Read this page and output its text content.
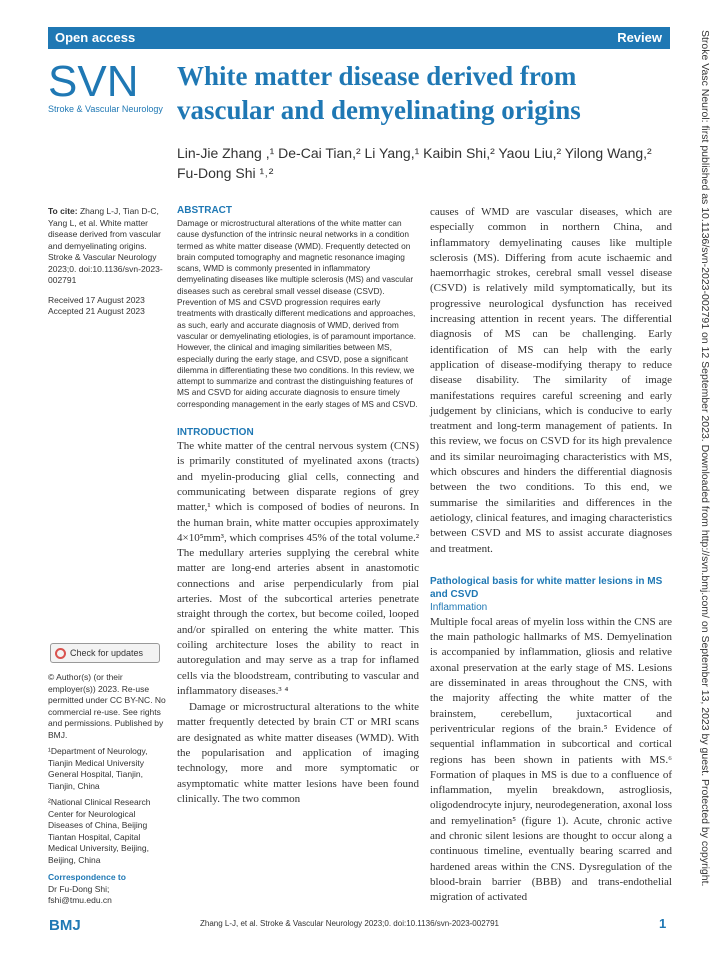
Open access	Review
SVN
Stroke & Vascular Neurology
White matter disease derived from vascular and demyelinating origins
Lin-Jie Zhang ,¹ De-Cai Tian,² Li Yang,¹ Kaibin Shi,² Yaou Liu,² Yilong Wang,²
Fu-Dong Shi ¹˒²

To cite: Zhang L-J, Tian D-C, Yang L, et al. White matter disease derived from vascular and demyelinating origins. Stroke & Vascular Neurology 2023;0. doi:10.1136/svn-2023-002791

Received 17 August 2023

Accepted 21 August 2023

Check for updates

© Author(s) (or their employer(s)) 2023. Re-use permitted under CC BY-NC. No commercial re-use. See rights and permissions. Published by BMJ.

¹Department of Neurology, Tianjin Medical University General Hospital, Tianjin, Tianjin, China

²National Clinical Research Center for Neurological Diseases of China, Beijing Tiantan Hospital, Capital Medical University, Beijing, Beijing, China

Correspondence to

Dr Fu-Dong Shi;

fshi@tmu.edu.cn

ABSTRACT

Damage or microstructural alterations of the white matter can cause dysfunction of the intrinsic neural networks in a condition termed as white matter disease (WMD). Frequently detected on brain computed tomography and magnetic resonance imaging scans, WMD is commonly presented in inflammatory demyelinating diseases like multiple sclerosis (MS) and vascular diseases such as cerebral small vessel disease (CSVD). Prevention of MS and CSVD progression requires early treatments with drastically different medications and approaches, as such, early and accurate diagnosis of WMD, derived from vascular or demyelinating etiologies, is of paramount importance. However, the clinical and imaging similarities between MS, especially during the early stage, and CSVD, pose a significant dilemma in differentiating these two conditions. In this review, we attempt to summarize and contrast the distinguishing features of MS and CSVD for aiding accurate diagnosis to ensure timely corresponding management in the early stages of MS and CSVD.

INTRODUCTION

The white matter of the central nervous system (CNS) is primarily constituted of myelinated axons (tracts) and myelin-producing glial cells, connecting and communicating between disparate regions of grey matter,¹ which is composed of bodies of neurons. In the human brain, white matter occupies approximately 4×10⁵mm³, which comprises 45% of the total volume.² The medullary arteries supplying the cerebral white matter are long-end arteries absent in anastomotic connections and arise perpendicularly from pial arteries. Most of the subcortical arteries penetrate straight through the cortex, but become coiled, looped and/or spiralled on entering the white matter. This coiling architecture loses the ability to react in autoregulation and may serve as a trap for inflamed cells via the bloodstream, contributing to vascular and inflammatory diseases.³ ⁴

Damage or microstructural alterations to the white matter frequently detected by brain CT or MRI scans are designated as white matter diseases (WMD). With the popularisation and application of imaging technology, more and more symptomatic or asymptomatic white matter lesions have been found clinically. The two common

causes of WMD are vascular diseases, which are especially common in northern China, and inflammatory demyelinating causes like multiple sclerosis (MS). Differing from acute ischaemic and haemorrhagic strokes, cerebral small vessel disease (CSVD) is relatively mild symptomatically, but its progressive neurological dysfunction has received increasing attention in recent years. The differential diagnosis of MS can be challenging. Early identification of MS can help with the early application of disease-modifying therapy to reduce disease disability. The similarity of image manifestations requires careful screening and early judgement by clinicians, which is conducive to early treatment and long-term management of patients. In this review, we focus on CSVD for its high prevalence and its similar neuroimaging characteristics with MS, which obscures and hinders the differential diagnosis between the two conditions. To this end, we summarise the similarities and differences in the aetiology, clinical features, and imaging characteristics between CSVD and MS to assist accurate diagnoses and treatment.

Pathological basis for white matter lesions in MS and CSVD
Inflammation

Multiple focal areas of myelin loss within the CNS are the main pathologic hallmarks of MS. Demyelination is accompanied by inflammation, gliosis and relative axonal preservation at the early stage of MS. Lesions are disseminated in areas throughout the CNS, with the majority affecting the white matter of the brainstem, cerebellum, juxtacortical and periventricular regions of the brain.⁵ Evidence of sequential inflammation in subcortical and cortical regions has been shown in patients with MS.⁶ Formation of plaques in MS is due to a confluence of inflammation, myelin breakdown, astrogliosis, oligodendrocyte injury, neurodegeneration, axonal loss and remyelination⁵ (figure 1). Acute, chronic active and chronic silent lesions are thought to occur along a continuous timeline, eventually bearing scarred and hardened areas within the CNS. Dysregulation of the blood-brain barrier (BBB) and trans-endothelial migration of activated

BMJ	Zhang L-J, et al. Stroke & Vascular Neurology 2023;0. doi:10.1136/svn-2023-002791	1
Stroke Vasc Neurol: first published as 10.1136/svn-2023-002791 on 12 September 2023. Downloaded from http://svn.bmj.com/ on September 13, 2023 by guest. Protected by copyright.
